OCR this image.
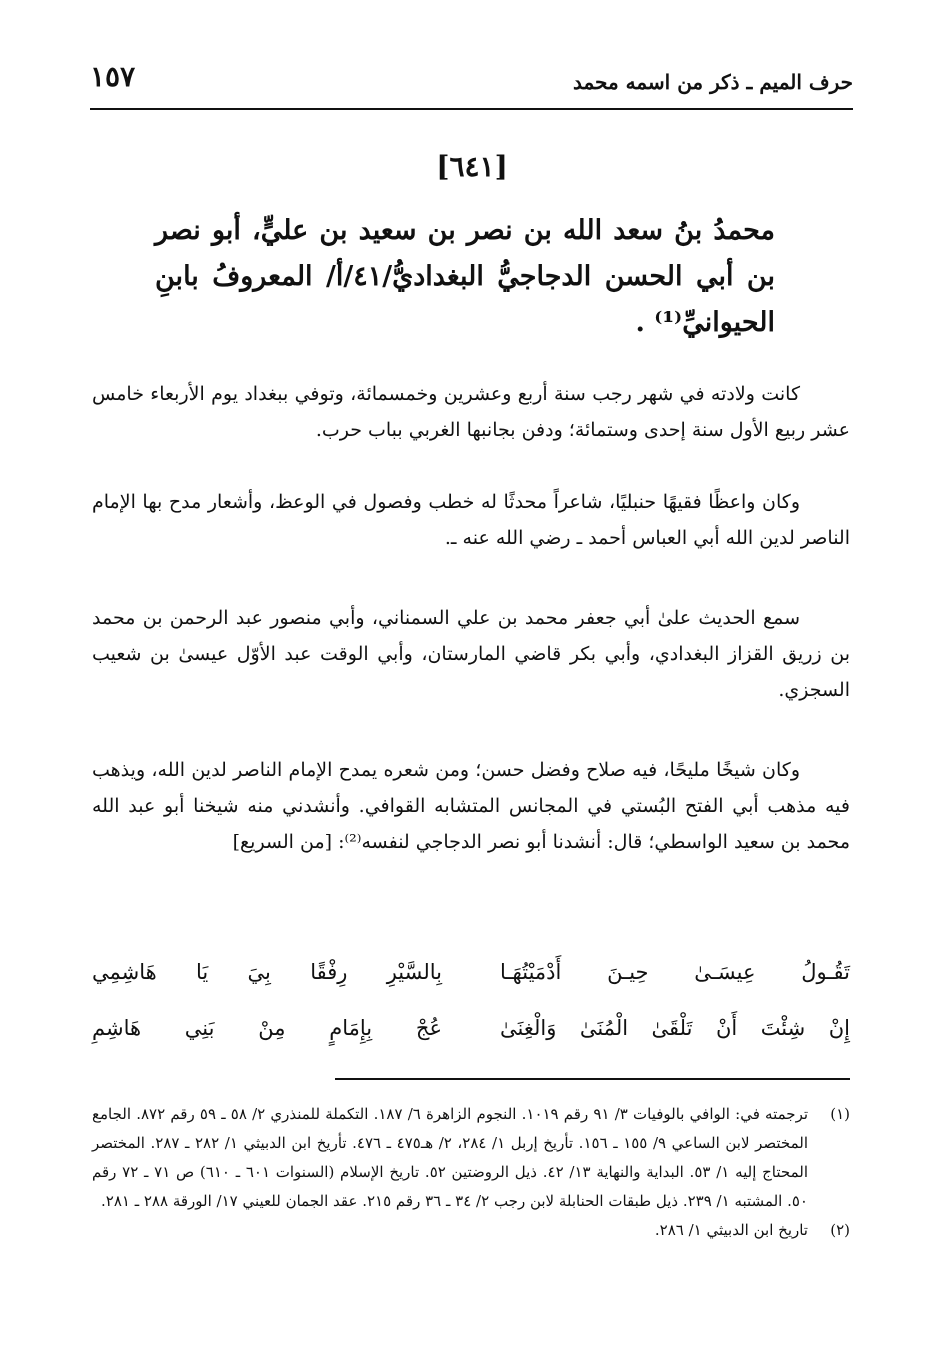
حرف الميم ـ ذكر من اسمه محمد
١٥٧
[٦٤١]
محمدُ بنُ سعد الله بن نصر بن سعيد بن عليٍّ، أبو نصر بن أبي الحسن الدجاجيُّ البغداديُّ/٤١/أ/ المعروفُ بابنِ الحيوانيِّ⁽¹⁾ .

كانت ولادته في شهر رجب سنة أربع وعشرين وخمسمائة، وتوفي ببغداد يوم الأربعاء خامس عشر ربيع الأول سنة إحدى وستمائة؛ ودفن بجانبها الغربي بباب حرب.

وكان واعظًا فقيهًا حنبليًا، شاعراً محدثًا له خطب وفصول في الوعظ، وأشعار مدح بها الإمام الناصر لدين الله أبي العباس أحمد ـ رضي الله عنه ـ.

سمع الحديث علىٰ أبي جعفر محمد بن علي السمناني، وأبي منصور عبد الرحمن بن محمد بن زريق القزاز البغدادي، وأبي بكر قاضي المارستان، وأبي الوقت عبد الأوّل عيسىٰ بن شعيب السجزي.

وكان شيخًا مليحًا، فيه صلاح وفضل حسن؛ ومن شعره يمدح الإمام الناصر لدين الله، ويذهب فيه مذهب أبي الفتح البُستي في المجانس المتشابه القوافي. وأنشدني منه شيخنا أبو عبد الله محمد بن سعيد الواسطي؛ قال: أنشدنا أبو نصر الدجاجي لنفسه⁽²⁾: [من السريع]

تَقُـولُ عِيسَـىٰ حِيـنَ أَدْمَيْتُهَـا
بِالسَّيْرِ رِفْقًا بِيَ يَا هَاشِمِي
إِنْ شِئْتَ أَنْ تَلْقَىٰ الْمُنَىٰ وَالْغِنَىٰ
عُجْ بِإِمَامٍ مِنْ بَنِي هَاشِمِ
(١)
ترجمته في: الوافي بالوفيات ٣/ ٩١ رقم ١٠١٩. النجوم الزاهرة ٦/ ١٨٧. التكملة للمنذري ٢/ ٥٨ ـ ٥٩ رقم ٨٧٢. الجامع المختصر لابن الساعي ٩/ ١٥٥ ـ ١٥٦. تأريخ إربل ١/ ٢٨٤، ٢/ هـ٤٧٥ ـ ٤٧٦. تأريخ ابن الدبيثي ١/ ٢٨٢ ـ ٢٨٧. المختصر المحتاج إليه ١/ ٥٣. البداية والنهاية ١٣/ ٤٢. ذيل الروضتين ٥٢. تاريخ الإسلام (السنوات ٦٠١ ـ ٦١٠) ص ٧١ ـ ٧٢ رقم ٥٠. المشتبه ١/ ٢٣٩. ذيل طبقات الحنابلة لابن رجب ٢/ ٣٤ ـ ٣٦ رقم ٢١٥. عقد الجمان للعيني ١٧/ الورقة ٢٨٨ ـ ٢٨١.
(٢)
تاريخ ابن الدبيثي ١/ ٢٨٦.
